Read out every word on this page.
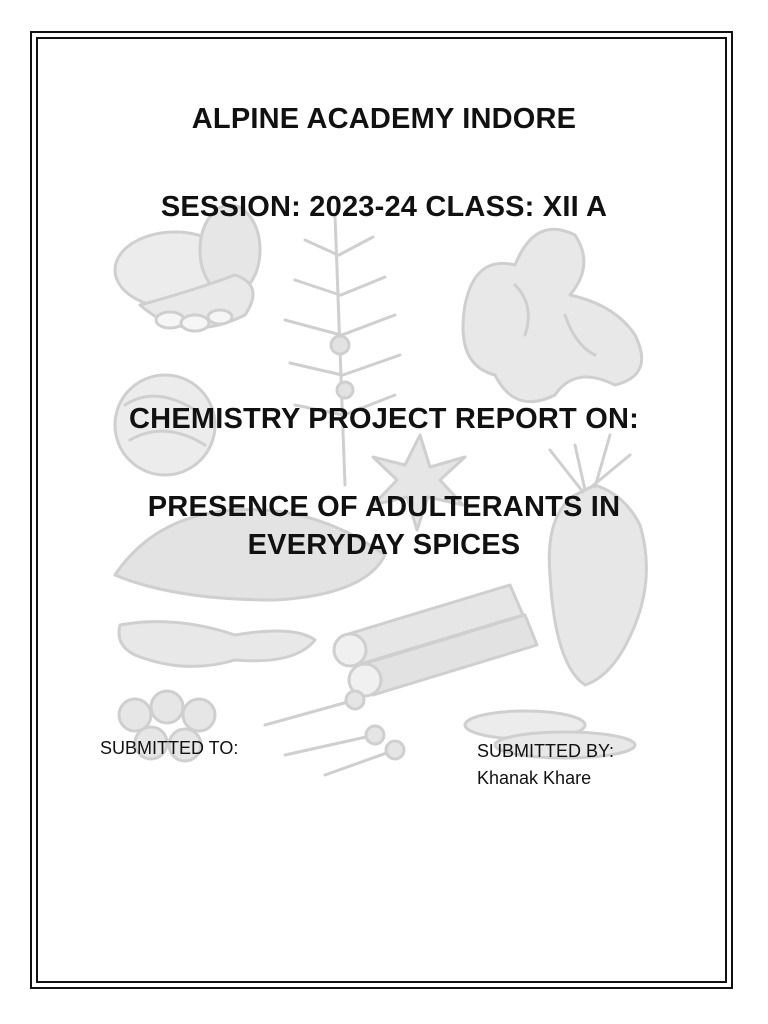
ALPINE ACADEMY INDORE
SESSION: 2023-24 CLASS: XII A
CHEMISTRY PROJECT REPORT ON:
PRESENCE OF ADULTERANTS IN
EVERYDAY SPICES
SUBMITTED TO:	SUBMITTED BY:
Khanak Khare
